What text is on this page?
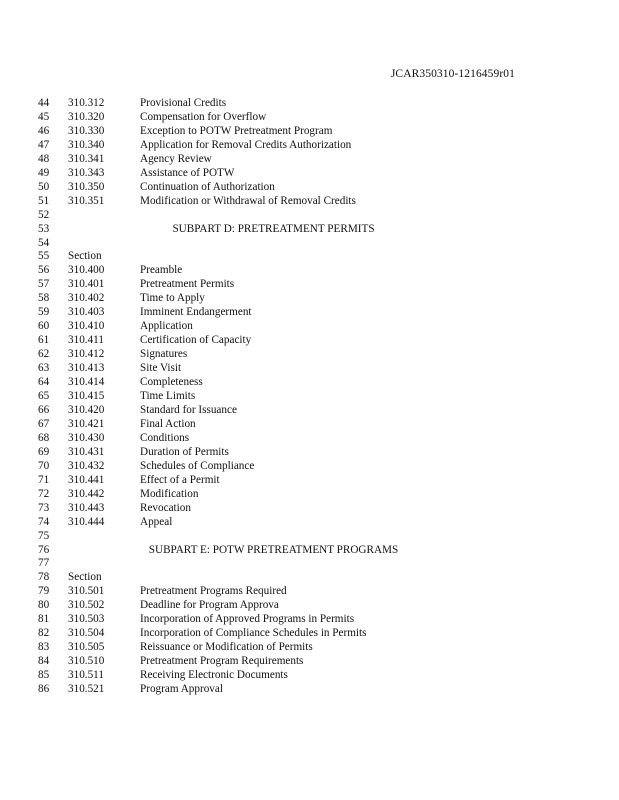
JCAR350310-1216459r01
44	310.312	Provisional Credits
45	310.320	Compensation for Overflow
46	310.330	Exception to POTW Pretreatment Program
47	310.340	Application for Removal Credits Authorization
48	310.341	Agency Review
49	310.343	Assistance of POTW
50	310.350	Continuation of Authorization
51	310.351	Modification or Withdrawal of Removal Credits
52
53	SUBPART D: PRETREATMENT PERMITS
54
55	Section
56	310.400	Preamble
57	310.401	Pretreatment Permits
58	310.402	Time to Apply
59	310.403	Imminent Endangerment
60	310.410	Application
61	310.411	Certification of Capacity
62	310.412	Signatures
63	310.413	Site Visit
64	310.414	Completeness
65	310.415	Time Limits
66	310.420	Standard for Issuance
67	310.421	Final Action
68	310.430	Conditions
69	310.431	Duration of Permits
70	310.432	Schedules of Compliance
71	310.441	Effect of a Permit
72	310.442	Modification
73	310.443	Revocation
74	310.444	Appeal
75
76	SUBPART E: POTW PRETREATMENT PROGRAMS
77
78	Section
79	310.501	Pretreatment Programs Required
80	310.502	Deadline for Program Approva
81	310.503	Incorporation of Approved Programs in Permits
82	310.504	Incorporation of Compliance Schedules in Permits
83	310.505	Reissuance or Modification of Permits
84	310.510	Pretreatment Program Requirements
85	310.511	Receiving Electronic Documents
86	310.521	Program Approval
